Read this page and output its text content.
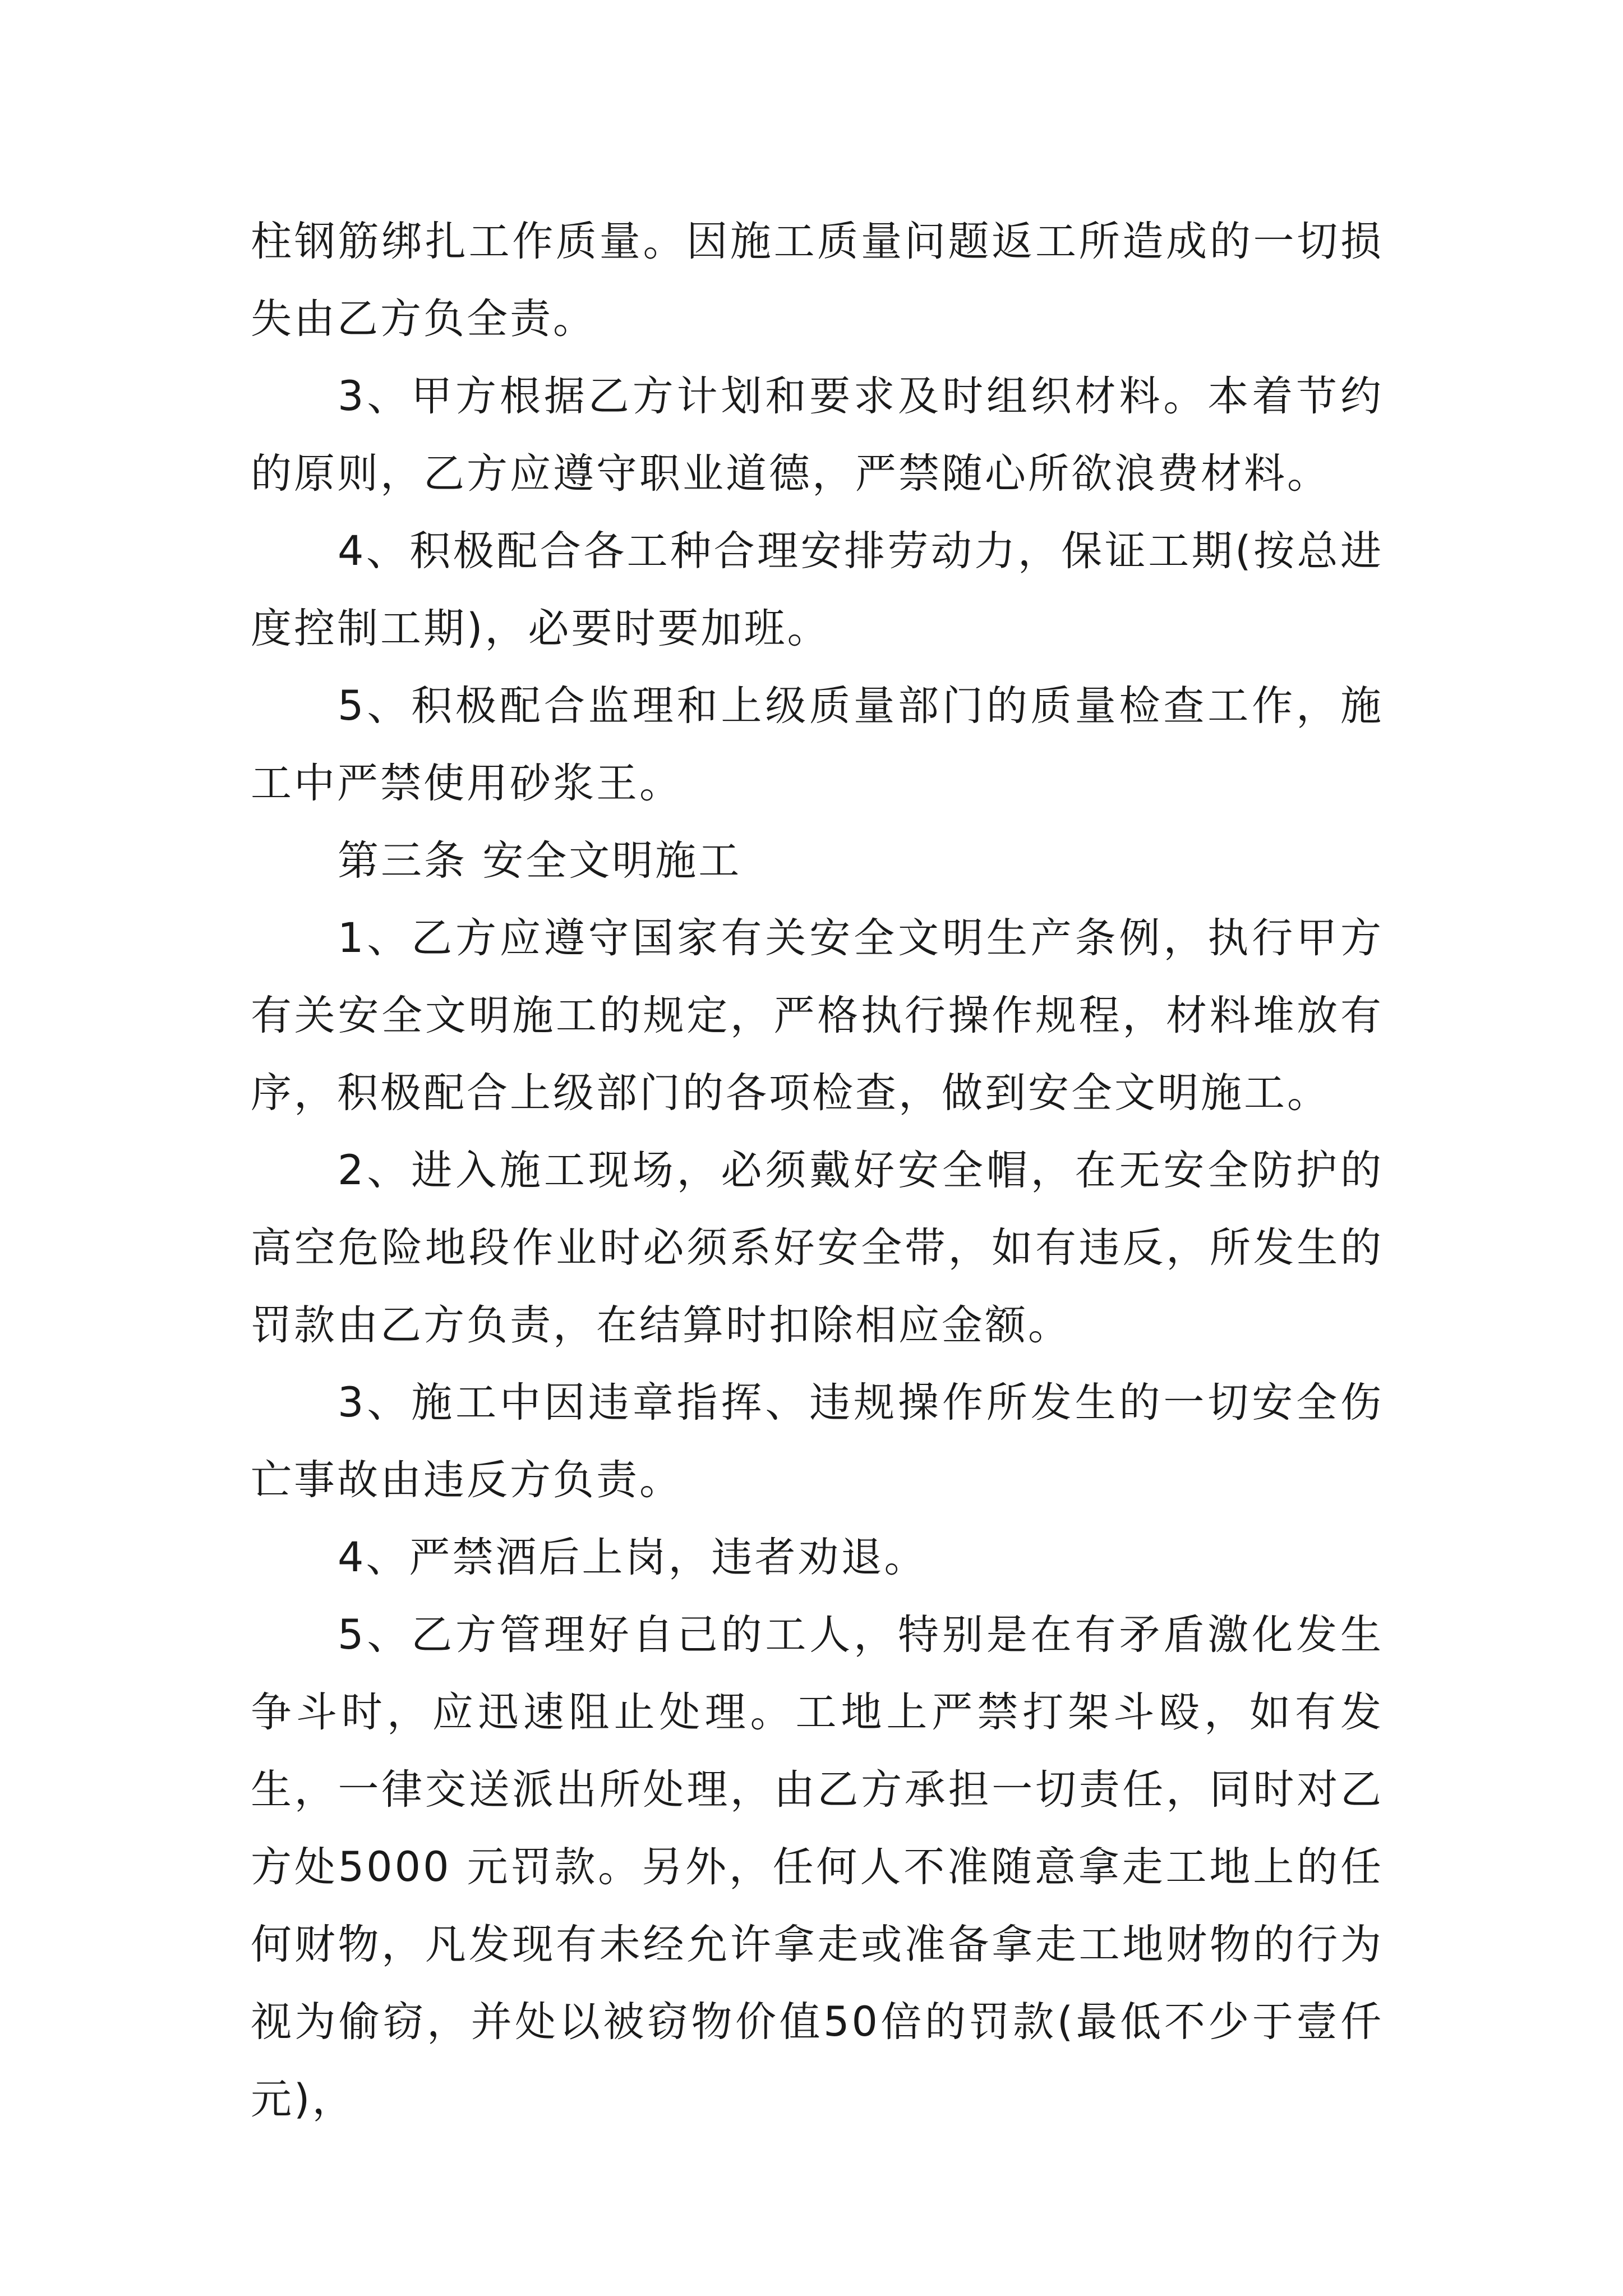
柱钢筋绑扎工作质量。因施工质量问题返工所造成的一切损失由乙方负全责。

3、甲方根据乙方计划和要求及时组织材料。本着节约的原则，乙方应遵守职业道德，严禁随心所欲浪费材料。

4、积极配合各工种合理安排劳动力，保证工期(按总进度控制工期)，必要时要加班。

5、积极配合监理和上级质量部门的质量检查工作，施工中严禁使用砂浆王。

第三条 安全文明施工

1、乙方应遵守国家有关安全文明生产条例，执行甲方有关安全文明施工的规定，严格执行操作规程，材料堆放有序，积极配合上级部门的各项检查，做到安全文明施工。

2、进入施工现场，必须戴好安全帽，在无安全防护的高空危险地段作业时必须系好安全带，如有违反，所发生的罚款由乙方负责，在结算时扣除相应金额。

3、施工中因违章指挥、违规操作所发生的一切安全伤亡事故由违反方负责。

4、严禁酒后上岗，违者劝退。

5、乙方管理好自己的工人，特别是在有矛盾激化发生争斗时，应迅速阻止处理。工地上严禁打架斗殴，如有发生，一律交送派出所处理，由乙方承担一切责任，同时对乙方处5000 元罚款。另外，任何人不准随意拿走工地上的任何财物，凡发现有未经允许拿走或准备拿走工地财物的行为视为偷窃，并处以被窃物价值50倍的罚款(最低不少于壹仟元)，
